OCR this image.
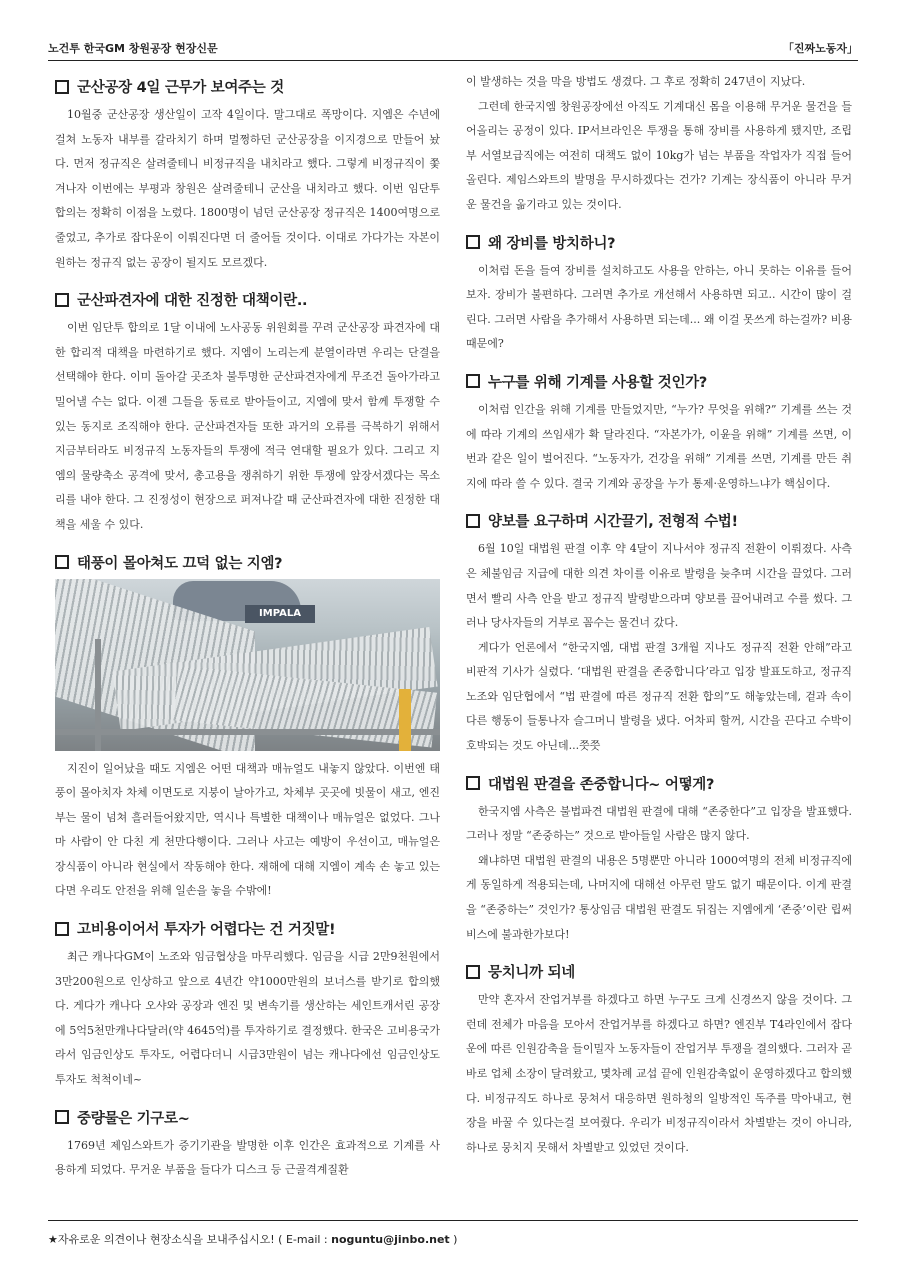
노건투 한국GM 창원공장 현장신문	「진짜노동자」
군산공장 4일 근무가 보여주는 것

10월중 군산공장 생산일이 고작 4일이다. 말그대로 폭망이다. 지엠은 수년에 걸쳐 노동자 내부를 갈라치기 하며 멀쩡하던 군산공장을 이지경으로 만들어 놨다. 먼저 정규직은 살려줄테니 비정규직을 내치라고 했다. 그렇게 비정규직이 쫓겨나자 이번에는 부평과 창원은 살려줄테니 군산을 내치라고 했다. 이번 임단투 합의는 정확히 이점을 노렸다. 1800명이 넘던 군산공장 정규직은 1400여명으로 줄었고, 추가로 잡다운이 이뤄진다면 더 줄어들 것이다. 이대로 가다가는 자본이 원하는 정규직 없는 공장이 될지도 모르겠다.

군산파견자에 대한 진정한 대책이란..

이번 임단투 합의로 1달 이내에 노사공동 위원회를 꾸려 군산공장 파견자에 대한 합리적 대책을 마련하기로 했다. 지엠이 노리는게 분열이라면 우리는 단결을 선택해야 한다. 이미 돌아갈 곳조차 불투명한 군산파견자에게 무조건 돌아가라고 밀어낼 수는 없다. 이젠 그들을 동료로 받아들이고, 지엠에 맞서 함께 투쟁할 수 있는 동지로 조직해야 한다. 군산파견자들 또한 과거의 오류를 극복하기 위해서 지금부터라도 비정규직 노동자들의 투쟁에 적극 연대할 필요가 있다. 그리고 지엠의 물량축소 공격에 맞서, 총고용을 쟁취하기 위한 투쟁에 앞장서겠다는 목소리를 내야 한다. 그 진정성이 현장으로 퍼져나갈 때 군산파견자에 대한 진정한 대책을 세울 수 있다.

태풍이 몰아쳐도 끄덕 없는 지엠?
IMPALA

지진이 일어났을 때도 지엠은 어떤 대책과 매뉴얼도 내놓지 않았다. 이번엔 태풍이 몰아치자 차체 이면도로 지붕이 날아가고, 차체부 곳곳에 빗물이 새고, 엔진부는 물이 넘쳐 흘러들어왔지만, 역시나 특별한 대책이나 매뉴얼은 없었다. 그나마 사람이 안 다친 게 천만다행이다. 그러나 사고는 예방이 우선이고, 매뉴얼은 장식품이 아니라 현실에서 작동해야 한다. 재해에 대해 지엠이 계속 손 놓고 있는다면 우리도 안전을 위해 일손을 놓을 수밖에!

고비용이어서 투자가 어렵다는 건 거짓말!

최근 캐나다GM이 노조와 임금협상을 마무리했다. 임금을 시급 2만9천원에서 3만200원으로 인상하고 앞으로 4년간 약1000만원의 보너스를 받기로 합의했다. 게다가 캐나다 오샤와 공장과 엔진 및 변속기를 생산하는 세인트캐서린 공장에 5억5천만캐나다달러(약 4645억)를 투자하기로 결정했다. 한국은 고비용국가라서 임금인상도 투자도, 어렵다더니 시급3만원이 넘는 캐나다에선 임금인상도 투자도 척척이네~

중량물은 기구로~

1769년 제임스와트가 증기기관을 발명한 이후 인간은 효과적으로 기계를 사용하게 되었다. 무거운 부품을 들다가 디스크 등 근골격계질환

이 발생하는 것을 막을 방법도 생겼다. 그 후로 정확히 247년이 지났다.

그런데 한국지엠 창원공장에선 아직도 기계대신 몸을 이용해 무거운 물건을 들어올리는 공정이 있다. IP서브라인은 투쟁을 통해 장비를 사용하게 됐지만, 조립부 서열보급직에는 여전히 대책도 없이 10kg가 넘는 부품을 작업자가 직접 들어올린다. 제임스와트의 발명을 무시하겠다는 건가? 기계는 장식품이 아니라 무거운 물건을 옮기라고 있는 것이다.

왜 장비를 방치하니?

이처럼 돈을 들여 장비를 설치하고도 사용을 안하는, 아니 못하는 이유를 들어보자. 장비가 불편하다. 그러면 추가로 개선해서 사용하면 되고.. 시간이 많이 걸린다. 그러면 사람을 추가해서 사용하면 되는데... 왜 이걸 못쓰게 하는걸까? 비용 때문에?

누구를 위해 기계를 사용할 것인가?

이처럼 인간을 위해 기계를 만들었지만, “누가? 무엇을 위해?” 기계를 쓰는 것에 따라 기계의 쓰임새가 확 달라진다. “자본가가, 이윤을 위해” 기계를 쓰면, 이번과 같은 일이 벌어진다. “노동자가, 건강을 위해” 기계를 쓰면, 기계를 만든 취지에 따라 쓸 수 있다. 결국 기계와 공장을 누가 통제·운영하느냐가 핵심이다.

양보를 요구하며 시간끌기, 전형적 수법!

6월 10일 대법원 판결 이후 약 4달이 지나서야 정규직 전환이 이뤄졌다. 사측은 체불임금 지급에 대한 의견 차이를 이유로 발령을 늦추며 시간을 끌었다. 그러면서 빨리 사측 안을 받고 정규직 발령받으라며 양보를 끌어내려고 수를 썼다. 그러나 당사자들의 거부로 꼼수는 물건너 갔다.

게다가 언론에서 “한국지엠, 대법 판결 3개월 지나도 정규직 전환 안해”라고 비판적 기사가 실렸다. ‘대법원 판결을 존중합니다’라고 입장 발표도하고, 정규직노조와 임단협에서 “법 판결에 따른 정규직 전환 합의”도 해놓았는데, 겉과 속이 다른 행동이 들통나자 슬그머니 발령을 냈다. 어차피 할꺼, 시간을 끈다고 수박이 호박되는 것도 아닌데...쯧쯧

대법원 판결을 존중합니다~ 어떻게?

한국지엠 사측은 불법파견 대법원 판결에 대해 “존중한다”고 입장을 발표했다. 그러나 정말 “존중하는” 것으로 받아들일 사람은 많지 않다.

왜냐하면 대법원 판결의 내용은 5명뿐만 아니라 1000여명의 전체 비정규직에게 동일하게 적용되는데, 나머지에 대해선 아무런 말도 없기 때문이다. 이게 판결을 “존중하는” 것인가? 통상임금 대법원 판결도 뒤집는 지엠에게 ‘존중’이란 립써비스에 불과한가보다!

뭉치니까 되네

만약 혼자서 잔업거부를 하겠다고 하면 누구도 크게 신경쓰지 않을 것이다. 그런데 전체가 마음을 모아서 잔업거부를 하겠다고 하면? 엔진부 T4라인에서 잡다운에 따른 인원감축을 들이밀자 노동자들이 잔업거부 투쟁을 결의했다. 그러자 곧바로 업체 소장이 달려왔고, 몇차례 교섭 끝에 인원감축없이 운영하겠다고 합의했다. 비정규직도 하나로 뭉쳐서 대응하면 원하청의 일방적인 독주를 막아내고, 현장을 바꿀 수 있다는걸 보여줬다. 우리가 비정규직이라서 차별받는 것이 아니라, 하나로 뭉치지 못해서 차별받고 있었던 것이다.

★자유로운 의견이나 현장소식을 보내주십시오! ( E-mail : noguntu@jinbo.net )
